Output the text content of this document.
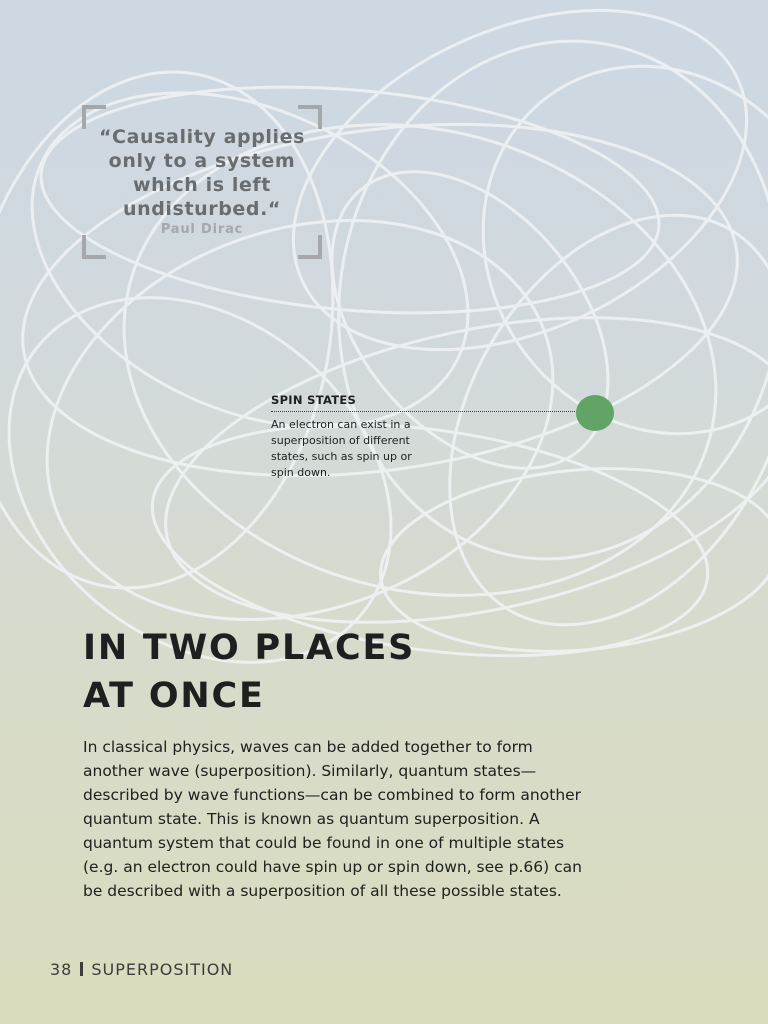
“Causality applies
only to a system
which is left
undisturbed.“
Paul Dirac
SPIN STATES
An electron can exist in a
superposition of different
states, such as spin up or
spin down.
IN TWO PLACES
AT ONCE
In classical physics, waves can be added together to form
another wave (superposition). Similarly, quantum states—
described by wave functions—can be combined to form another
quantum state. This is known as quantum superposition. A
quantum system that could be found in one of multiple states
(e.g. an electron could have spin up or spin down, see p.66) can
be described with a superposition of all these possible states.
38 SUPERPOSITION
